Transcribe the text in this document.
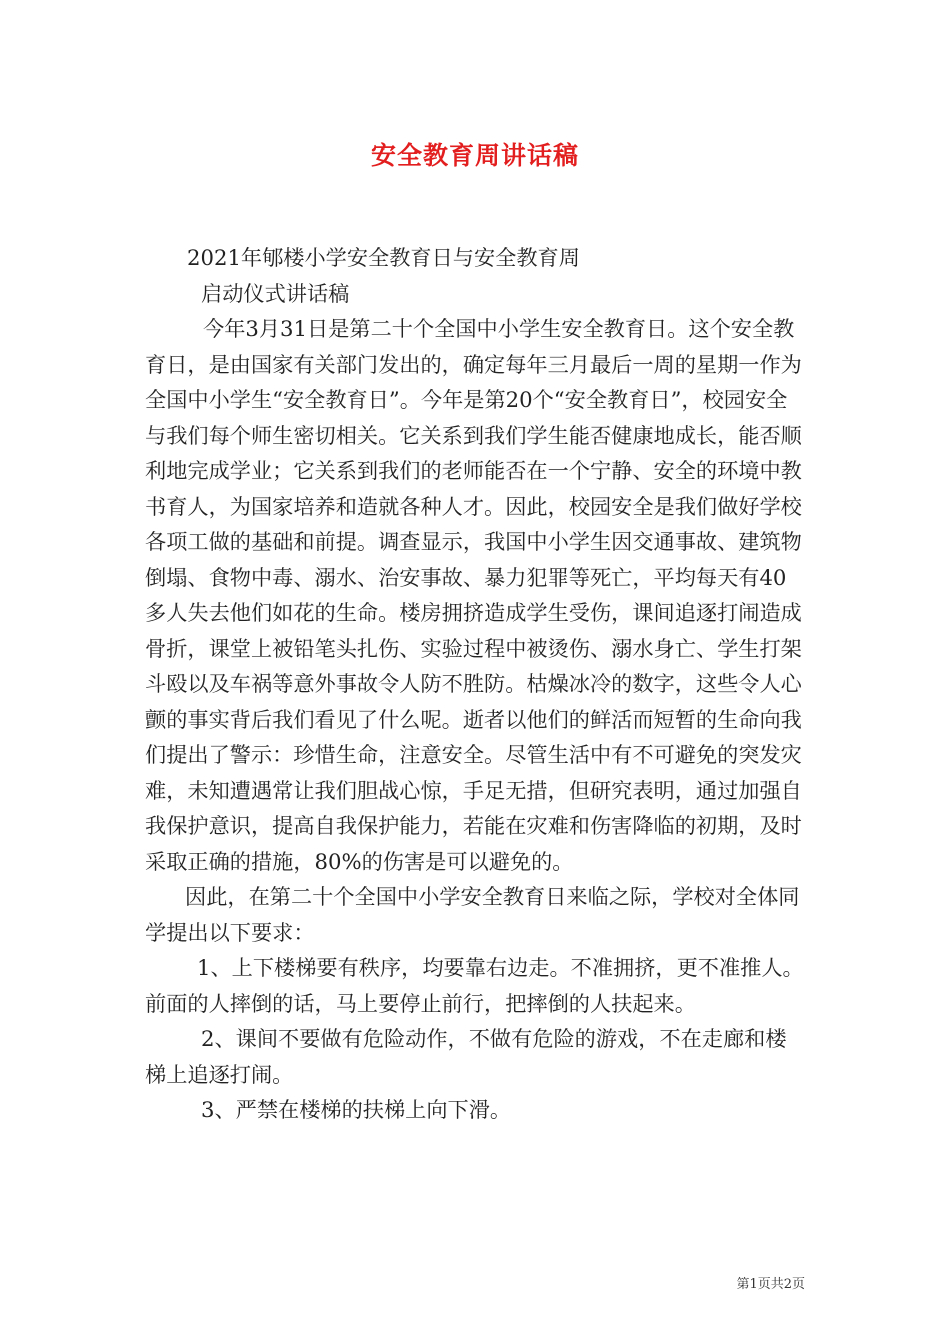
安全教育周讲话稿

2021年郇楼小学安全教育日与安全教育周

启动仪式讲话稿

今年3月31日是第二十个全国中小学生安全教育日。这个安全教育日，是由国家有关部门发出的，确定每年三月最后一周的星期一作为全国中小学生“安全教育日”。今年是第20个“安全教育日”，校园安全与我们每个师生密切相关。它关系到我们学生能否健康地成长，能否顺利地完成学业；它关系到我们的老师能否在一个宁静、安全的环境中教书育人，为国家培养和造就各种人才。因此，校园安全是我们做好学校各项工做的基础和前提。调查显示，我国中小学生因交通事故、建筑物倒塌、食物中毒、溺水、治安事故、暴力犯罪等死亡，平均每天有40多人失去他们如花的生命。楼房拥挤造成学生受伤，课间追逐打闹造成骨折，课堂上被铅笔头扎伤、实验过程中被烫伤、溺水身亡、学生打架斗殴以及车祸等意外事故令人防不胜防。枯燥冰冷的数字，这些令人心颤的事实背后我们看见了什么呢。逝者以他们的鲜活而短暂的生命向我们提出了警示：珍惜生命，注意安全。尽管生活中有不可避免的突发灾难，未知遭遇常让我们胆战心惊，手足无措，但研究表明，通过加强自我保护意识，提高自我保护能力，若能在灾难和伤害降临的初期，及时采取正确的措施，80%的伤害是可以避免的。

因此，在第二十个全国中小学安全教育日来临之际，学校对全体同学提出以下要求：

1、上下楼梯要有秩序，均要靠右边走。不准拥挤，更不准推人。前面的人摔倒的话，马上要停止前行，把摔倒的人扶起来。

2、课间不要做有危险动作，不做有危险的游戏，不在走廊和楼梯上追逐打闹。

3、严禁在楼梯的扶梯上向下滑。

第1页共2页
